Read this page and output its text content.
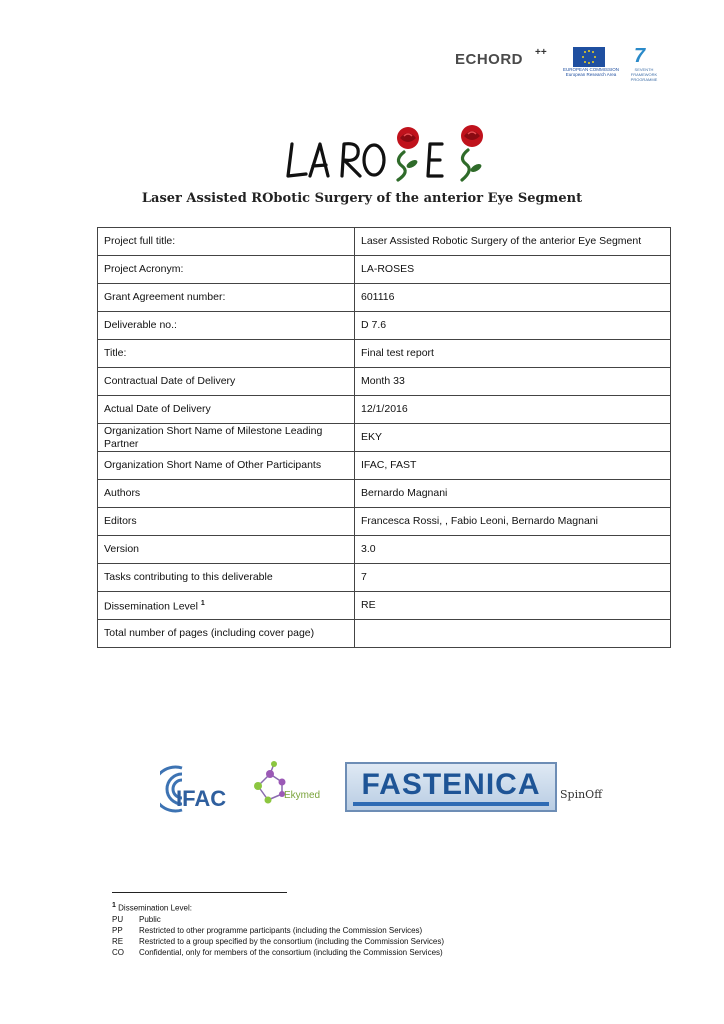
ECHORD ++
EUROPEAN COMMISSION
European Research Area
7
SEVENTH FRAMEWORK PROGRAMME
Laser Assisted RObotic Surgery of the anterior Eye Segment
Project full title:	Laser Assisted Robotic Surgery of the anterior Eye Segment
Project Acronym:	LA-ROSES
Grant Agreement number:	601116
Deliverable no.:	D 7.6
Title:	Final test report
Contractual Date of Delivery	Month 33
Actual Date of Delivery	12/1/2016
Organization Short Name of Milestone Leading Partner	EKY
Organization Short Name of Other Participants	IFAC, FAST
Authors	Bernardo Magnani
Editors	Francesca Rossi, , Fabio Leoni, Bernardo Magnani
Version	3.0
Tasks contributing to this deliverable	7
Dissemination Level $^1$	RE
Total number of pages (including cover page)	
IFAC	Ekymed	FASTENICA	SpinOff
$^1$ Dissemination Level:
PU	Public
PP	Restricted to other programme participants (including the Commission Services)
RE	Restricted to a group specified by the consortium (including the Commission Services)
CO	Confidential, only for members of the consortium (including the Commission Services)
